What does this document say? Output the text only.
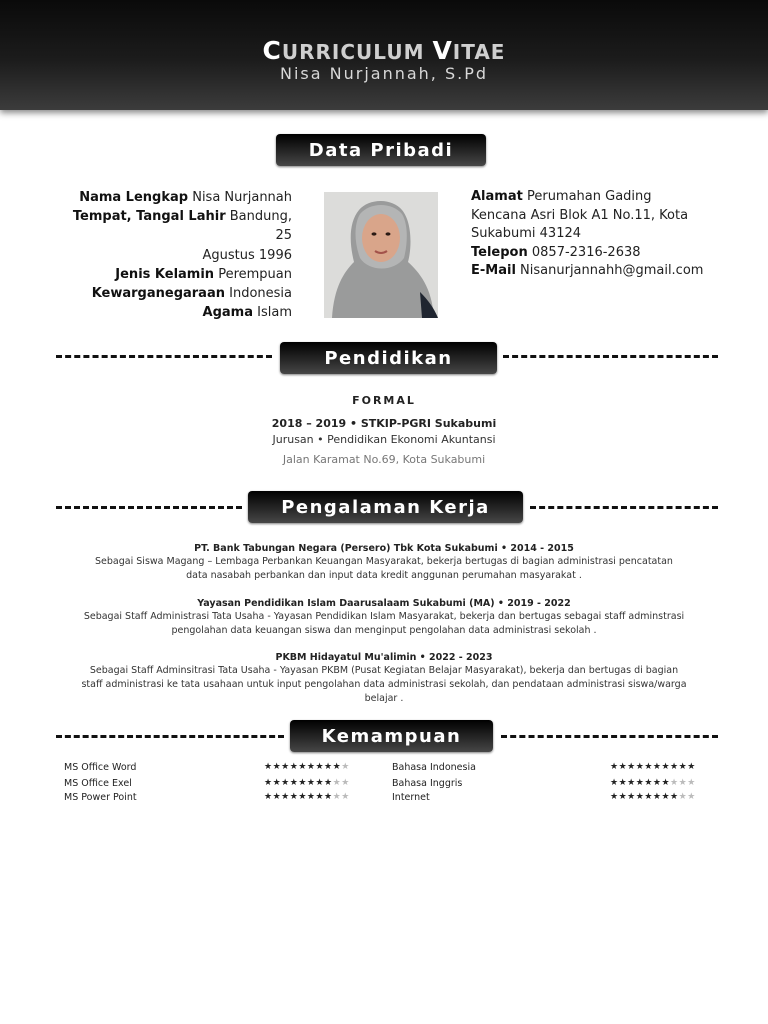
CURRICULUM VITAE
Nisa Nurjannah, S.Pd
Data Pribadi
Nama Lengkap Nisa Nurjannah
Tempat, Tangal Lahir Bandung, 25
Agustus 1996
Jenis Kelamin Perempuan
Kewarganegaraan Indonesia
Agama Islam
Alamat Perumahan Gading
Kencana Asri Blok A1 No.11, Kota
Sukabumi 43124
Telepon 0857-2316-2638
E-Mail Nisanurjannahh@gmail.com
Pendidikan
FORMAL
2018 – 2019 • STKIP-PGRI Sukabumi
Jurusan • Pendidikan Ekonomi Akuntansi
Jalan Karamat No.69, Kota Sukabumi
Pengalaman Kerja
PT. Bank Tabungan Negara (Persero) Tbk Kota Sukabumi • 2014 - 2015
Sebagai Siswa Magang – Lembaga Perbankan Keuangan Masyarakat, bekerja bertugas di bagian administrasi pencatatan
data nasabah perbankan dan input data kredit anggunan perumahan masyarakat .
Yayasan Pendidikan Islam Daarusalaam Sukabumi (MA) • 2019 - 2022
Sebagai Staff Administrasi Tata Usaha - Yayasan Pendidikan Islam Masyarakat, bekerja dan bertugas sebagai staff adminstrasi
pengolahan data keuangan siswa dan menginput pengolahan data administrasi sekolah .
PKBM Hidayatul Mu'alimin • 2022 - 2023
Sebagai Staff Adminsitrasi Tata Usaha - Yayasan PKBM (Pusat Kegiatan Belajar Masyarakat), bekerja dan bertugas di bagian
staff administrasi ke tata usahaan untuk input pengolahan data administrasi sekolah, dan pendataan administrasi siswa/warga
belajar .
Kemampuan
MS Office Word	★★★★★★★★★★
MS Office Exel	★★★★★★★★★★
MS Power Point	★★★★★★★★★★
Bahasa Indonesia	★★★★★★★★★★
Bahasa Inggris	★★★★★★★★★★
Internet	★★★★★★★★★★
